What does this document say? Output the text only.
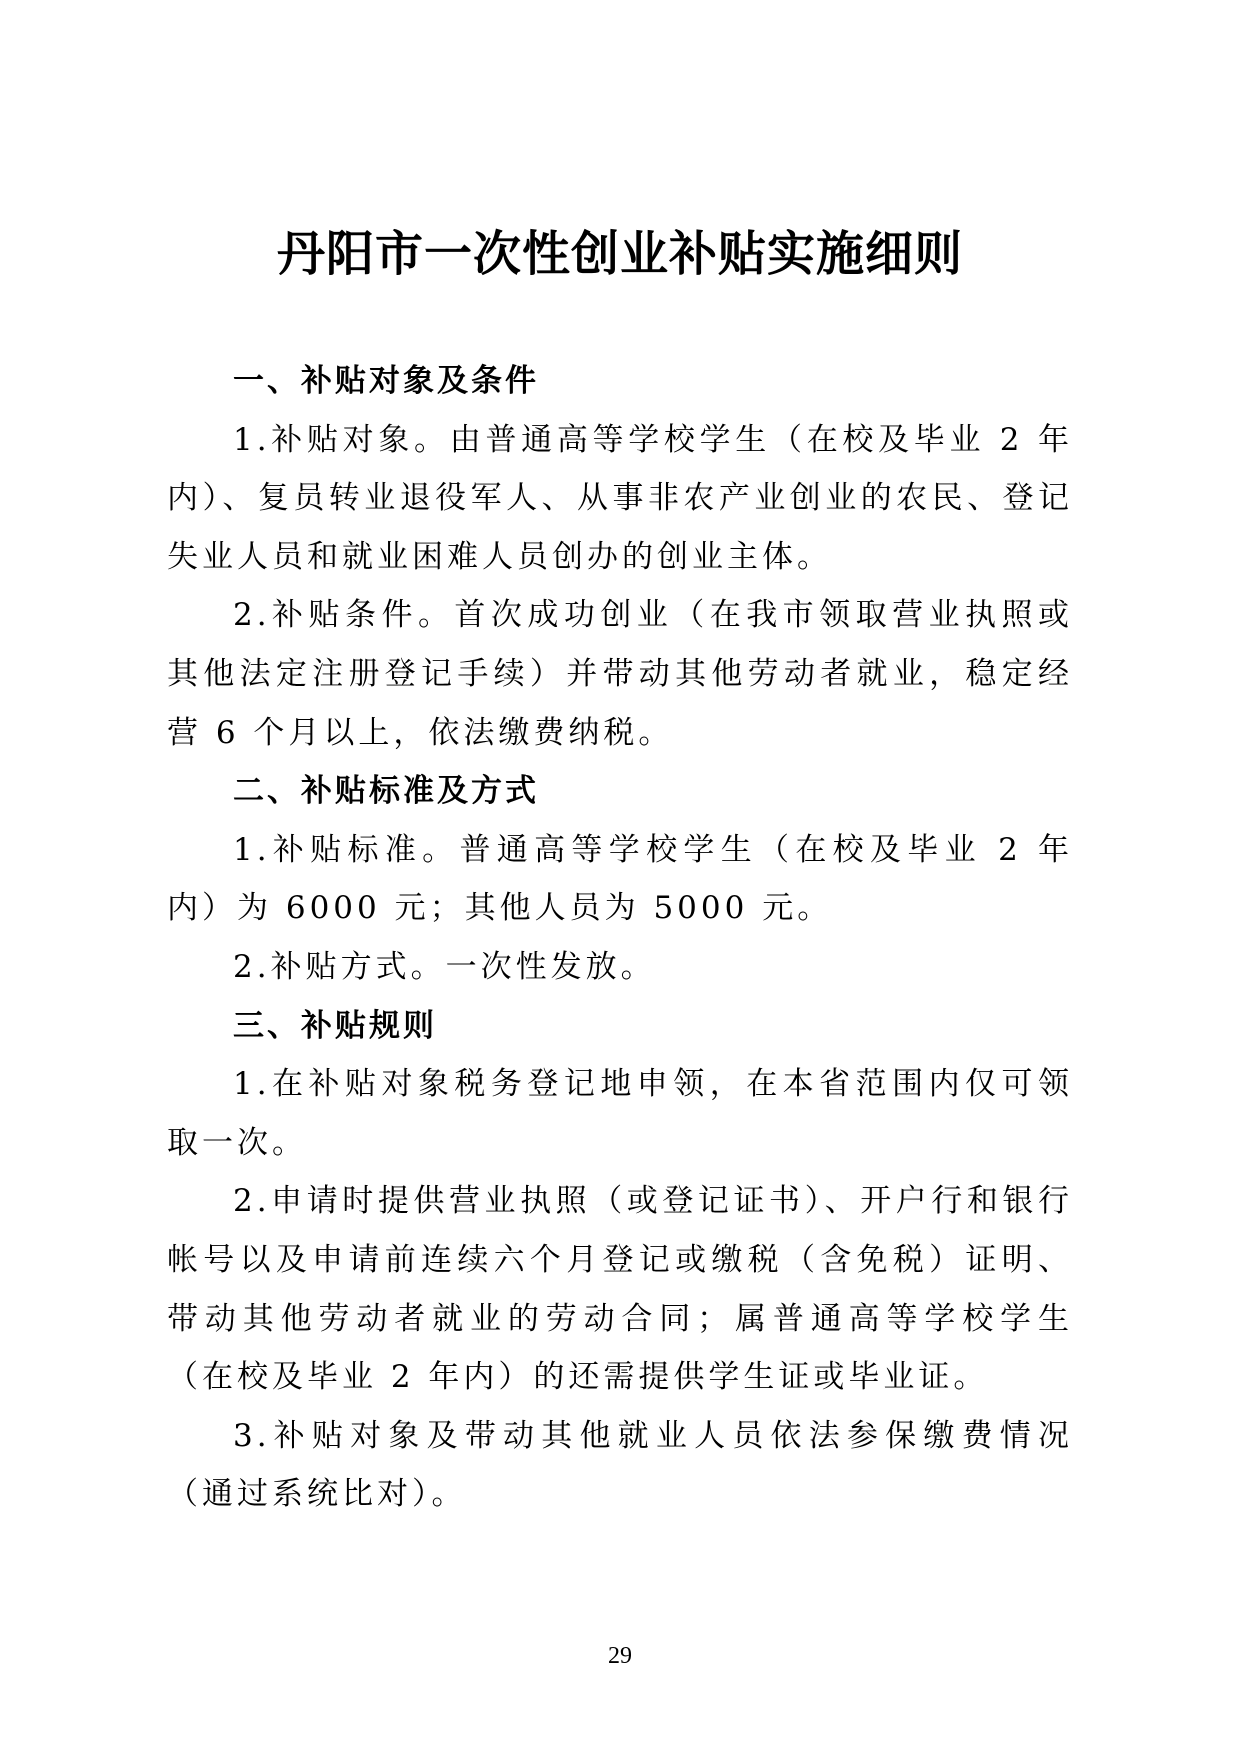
丹阳市一次性创业补贴实施细则
一、补贴对象及条件

1.补贴对象。由普通高等学校学生（在校及毕业 2 年内）、复员转业退役军人、从事非农产业创业的农民、登记失业人员和就业困难人员创办的创业主体。

2.补贴条件。首次成功创业（在我市领取营业执照或其他法定注册登记手续）并带动其他劳动者就业，稳定经营 6 个月以上，依法缴费纳税。

二、补贴标准及方式

1.补贴标准。普通高等学校学生（在校及毕业 2 年内）为 6000 元；其他人员为 5000 元。

2.补贴方式。一次性发放。

三、补贴规则

1.在补贴对象税务登记地申领，在本省范围内仅可领取一次。

2.申请时提供营业执照（或登记证书）、开户行和银行帐号以及申请前连续六个月登记或缴税（含免税）证明、带动其他劳动者就业的劳动合同；属普通高等学校学生（在校及毕业 2 年内）的还需提供学生证或毕业证。

3.补贴对象及带动其他就业人员依法参保缴费情况（通过系统比对）。

29
